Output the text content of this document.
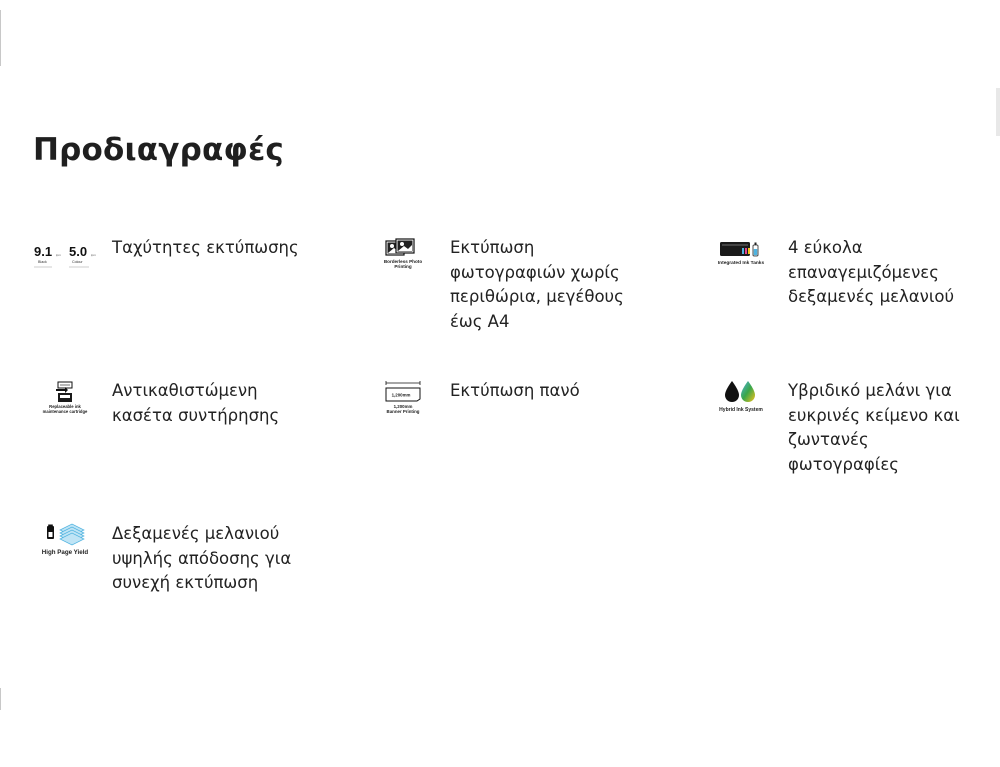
Προδιαγραφές
9.1 ipm
Black
5.0 ipm
Colour
Ταχύτητες εκτύπωσης
Borderless Photo
Printing
Εκτύπωση φωτογραφιών χωρίς περιθώρια, μεγέθους έως A4
Integrated Ink Tanks
4 εύκολα επαναγεμιζόμενες δεξαμενές μελανιού
Replaceable ink
maintenance cartridge
Αντικαθιστώμενη κασέτα συντήρησης
1,200mm
1,200mm
Banner Printing
Εκτύπωση πανό
Hybrid Ink System
Υβριδικό μελάνι για ευκρινές κείμενο και ζωντανές φωτογραφίες
High Page Yield
Δεξαμενές μελανιού υψηλής απόδοσης για συνεχή εκτύπωση
